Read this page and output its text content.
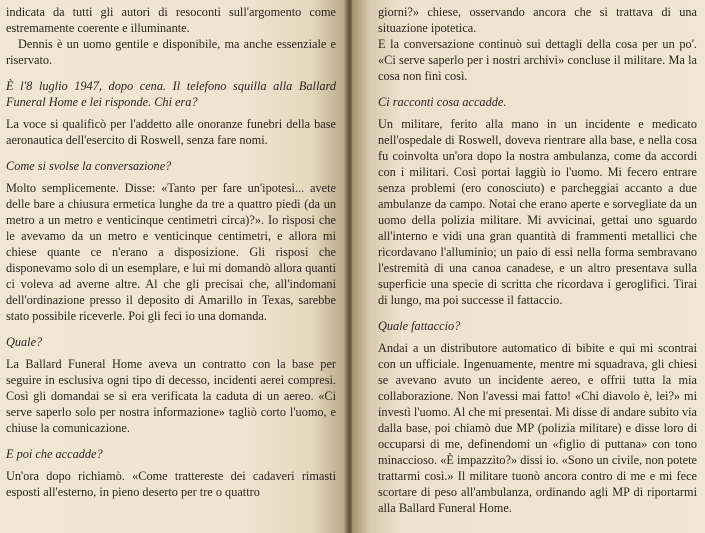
indicata da tutti gli autori di resoconti sull'argomento come estremamente coerente e illuminante.

Dennis è un uomo gentile e disponibile, ma anche essenziale e riservato.

È l'8 luglio 1947, dopo cena. Il telefono squilla alla Ballard Funeral Home e lei risponde. Chi era?

La voce si qualificò per l'addetto alle onoranze funebri della base aeronautica dell'esercito di Roswell, senza fare nomi.

Come si svolse la conversazione?

Molto semplicemente. Disse: «Tanto per fare un'ipotesi... avete delle bare a chiusura ermetica lunghe da tre a quattro piedi (da un metro a un metro e venticinque centimetri circa)?». Io risposi che le avevamo da un metro e venticinque centimetri, e allora mi chiese quante ce n'erano a disposizione. Gli risposi che disponevamo solo di un esemplare, e lui mi domandò allora quanti ci voleva ad averne altre. Al che gli precisai che, all'indomani dell'ordinazione presso il deposito di Amarillo in Texas, sarebbe stato possibile riceverle. Poi gli feci io una domanda.

Quale?

La Ballard Funeral Home aveva un contratto con la base per seguire in esclusiva ogni tipo di decesso, incidenti aerei compresi. Così gli domandai se si era verificata la caduta di un aereo. «Ci serve saperlo solo per nostra informazione» tagliò corto l'uomo, e chiuse la comunicazione.

E poi che accadde?

Un'ora dopo richiamò. «Come trattereste dei cadaveri rimasti esposti all'esterno, in pieno deserto per tre o quattro

giorni?» chiese, osservando ancora che si trattava di una situazione ipotetica.

E la conversazione continuò sui dettagli della cosa per un po'. «Ci serve saperlo per i nostri archivi» concluse il militare. Ma la cosa non finì così.

Ci racconti cosa accadde.

Un militare, ferito alla mano in un incidente e medicato nell'ospedale di Roswell, doveva rientrare alla base, e nella cosa fu coinvolta un'ora dopo la nostra ambulanza, come da accordi con i militari. Così portai laggiù io l'uomo. Mi fecero entrare senza problemi (ero conosciuto) e parcheggiai accanto a due ambulanze da campo. Notai che erano aperte e sorvegliate da un uomo della polizia militare. Mi avvicinai, gettai uno sguardo all'interno e vidi una gran quantità di frammenti metallici che ricordavano l'alluminio; un paio di essi nella forma sembravano l'estremità di una canoa canadese, e un altro presentava sulla superficie una specie di scritta che ricordava i geroglifici. Tirai di lungo, ma poi successe il fattaccio.

Quale fattaccio?

Andai a un distributore automatico di bibite e qui mi scontrai con un ufficiale. Ingenuamente, mentre mi squadrava, gli chiesi se avevano avuto un incidente aereo, e offrii tutta la mia collaborazione. Non l'avessi mai fatto! «Chi diavolo è, lei?» mi investì l'uomo. Al che mi presentai. Mi disse di andare subito via dalla base, poi chiamò due MP (polizia militare) e disse loro di occuparsi di me, definendomi un «figlio di puttana» con tono minaccioso. «È impazzito?» dissi io. «Sono un civile, non potete trattarmi così.» Il militare tuonò ancora contro di me e mi fece scortare di peso all'ambulanza, ordinando agli MP di riportarmi alla Ballard Funeral Home.
